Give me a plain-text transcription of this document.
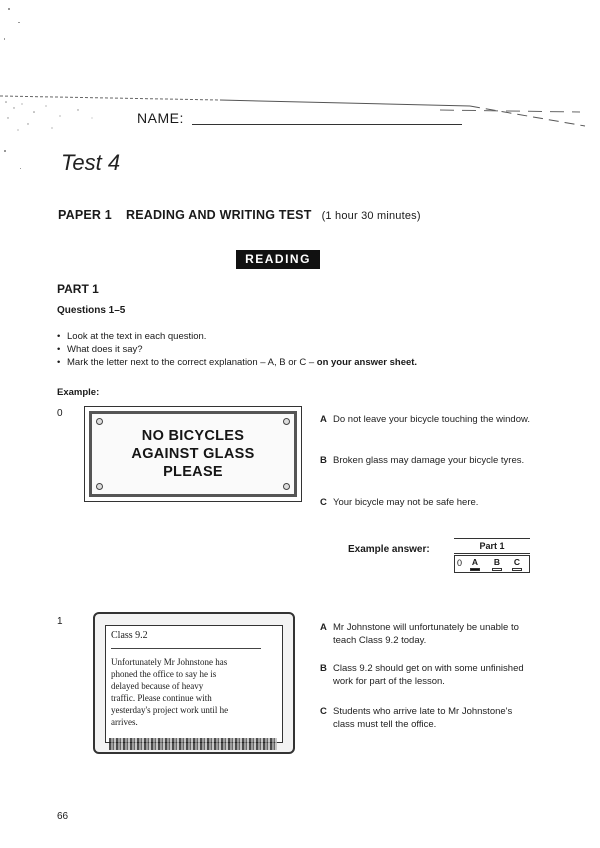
NAME:
Test 4
PAPER 1 READING AND WRITING TEST (1 hour 30 minutes)
READING
PART 1
Questions 1–5
• Look at the text in each question.
• What does it say?
• Mark the letter next to the correct explanation – A, B or C – on your answer sheet.
Example:
0
NO BICYCLES
AGAINST GLASS
PLEASE
A Do not leave your bicycle touching the window.
B Broken glass may damage your bicycle tyres.
C Your bicycle may not be safe here.
Example answer:	Part 1
0	A	B	C
1
Class 9.2
Unfortunately Mr Johnstone has
phoned the office to say he is
delayed because of heavy
traffic. Please continue with
yesterday's project work until he
arrives.
A Mr Johnstone will unfortunately be unable to teach Class 9.2 today.
B Class 9.2 should get on with some unfinished work for part of the lesson.
C Students who arrive late to Mr Johnstone's class must tell the office.
66
